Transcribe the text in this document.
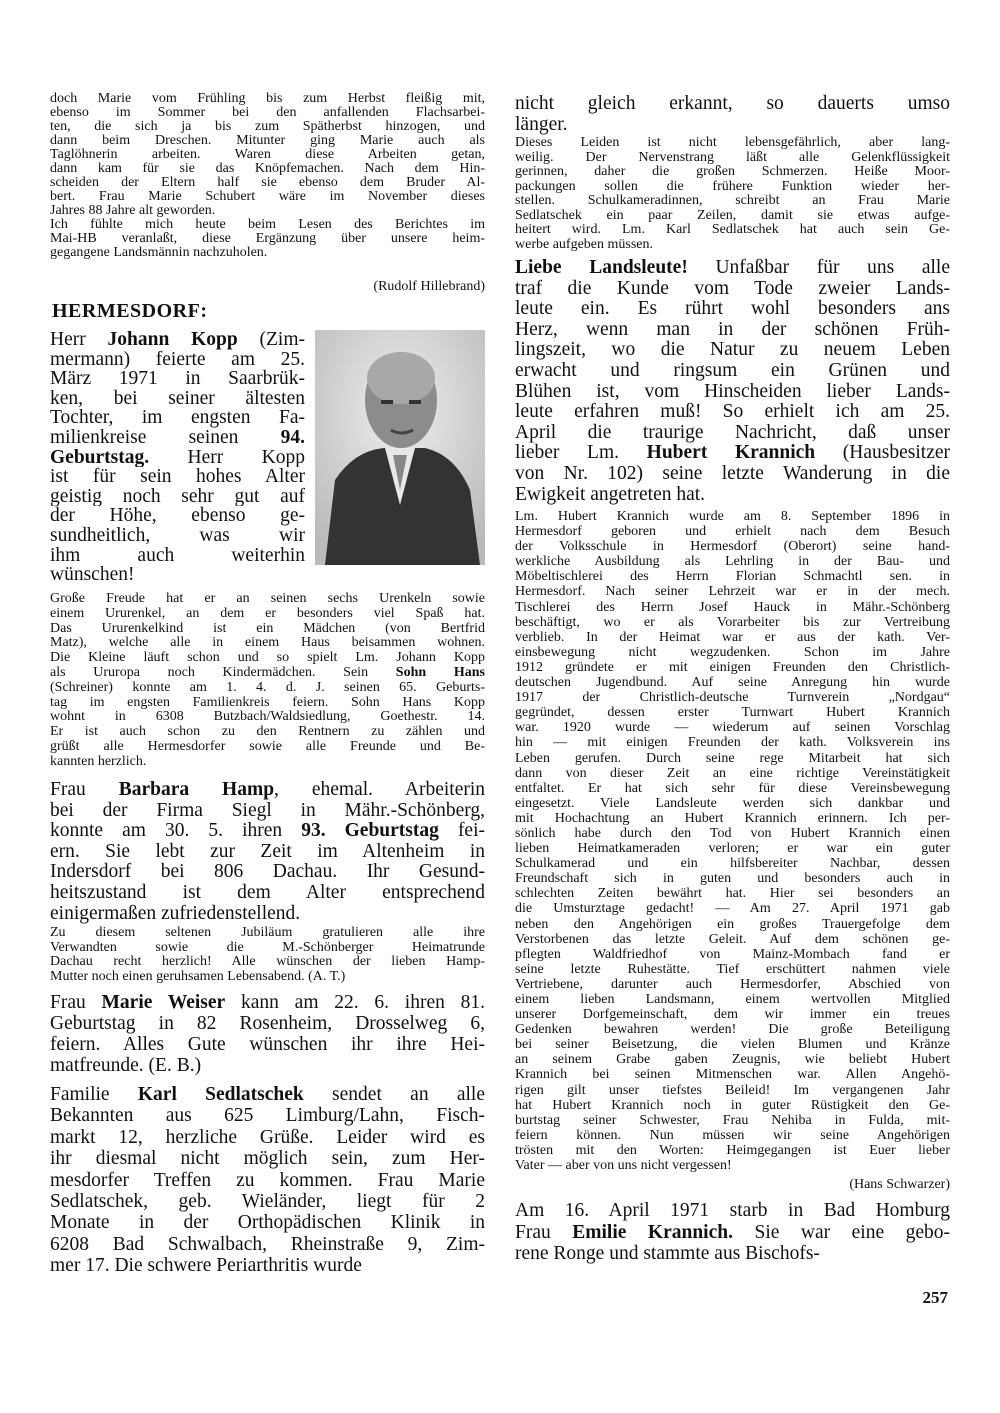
doch Marie vom Frühling bis zum Herbst fleißig mit,
ebenso im Sommer bei den anfallenden Flachsarbei-
ten, die sich ja bis zum Spätherbst hinzogen, und
dann beim Dreschen. Mitunter ging Marie auch als
Taglöhnerin arbeiten. Waren diese Arbeiten getan,
dann kam für sie das Knöpfemachen. Nach dem Hin-
scheiden der Eltern half sie ebenso dem Bruder Al-
bert. Frau Marie Schubert wäre im November dieses
Jahres 88 Jahre alt geworden.
Ich fühlte mich heute beim Lesen des Berichtes im
Mai-HB veranlaßt, diese Ergänzung über unsere heim-
gegangene Landsmännin nachzuholen.
(Rudolf Hillebrand)
HERMESDORF:
Herr Johann Kopp (Zim-
mermann) feierte am 25.
März 1971 in Saarbrük-
ken, bei seiner ältesten
Tochter, im engsten Fa-
milienkreise seinen 94.
Geburtstag. Herr Kopp
ist für sein hohes Alter
geistig noch sehr gut auf
der Höhe, ebenso ge-
sundheitlich, was wir
ihm auch weiterhin
wünschen!
Große Freude hat er an seinen sechs Urenkeln sowie
einem Ururenkel, an dem er besonders viel Spaß hat.
Das Ururenkelkind ist ein Mädchen (von Bertfrid
Matz), welche alle in einem Haus beisammen wohnen.
Die Kleine läuft schon und so spielt Lm. Johann Kopp
als Ururopa noch Kindermädchen. Sein Sohn Hans
(Schreiner) konnte am 1. 4. d. J. seinen 65. Geburts-
tag im engsten Familienkreis feiern. Sohn Hans Kopp
wohnt in 6308 Butzbach/Waldsiedlung, Goethestr. 14.
Er ist auch schon zu den Rentnern zu zählen und
grüßt alle Hermesdorfer sowie alle Freunde und Be-
kannten herzlich.
Frau Barbara Hamp, ehemal. Arbeiterin
bei der Firma Siegl in Mähr.-Schönberg,
konnte am 30. 5. ihren 93. Geburtstag fei-
ern. Sie lebt zur Zeit im Altenheim in
Indersdorf bei 806 Dachau. Ihr Gesund-
heitszustand ist dem Alter entsprechend
einigermaßen zufriedenstellend.
Zu diesem seltenen Jubiläum gratulieren alle ihre
Verwandten sowie die M.-Schönberger Heimatrunde
Dachau recht herzlich! Alle wünschen der lieben Hamp-
Mutter noch einen geruhsamen Lebensabend. (A. T.)
Frau Marie Weiser kann am 22. 6. ihren 81.
Geburtstag in 82 Rosenheim, Drosselweg 6,
feiern. Alles Gute wünschen ihr ihre Hei-
matfreunde. (E. B.)
Familie Karl Sedlatschek sendet an alle
Bekannten aus 625 Limburg/Lahn, Fisch-
markt 12, herzliche Grüße. Leider wird es
ihr diesmal nicht möglich sein, zum Her-
mesdorfer Treffen zu kommen. Frau Marie
Sedlatschek, geb. Wieländer, liegt für 2
Monate in der Orthopädischen Klinik in
6208 Bad Schwalbach, Rheinstraße 9, Zim-
mer 17. Die schwere Periarthritis wurde
nicht gleich erkannt, so dauerts umso
länger.
Dieses Leiden ist nicht lebensgefährlich, aber lang-
weilig. Der Nervenstrang läßt alle Gelenkflüssigkeit
gerinnen, daher die großen Schmerzen. Heiße Moor-
packungen sollen die frühere Funktion wieder her-
stellen. Schulkameradinnen, schreibt an Frau Marie
Sedlatschek ein paar Zeilen, damit sie etwas aufge-
heitert wird. Lm. Karl Sedlatschek hat auch sein Ge-
werbe aufgeben müssen.
Liebe Landsleute! Unfaßbar für uns alle
traf die Kunde vom Tode zweier Lands-
leute ein. Es rührt wohl besonders ans
Herz, wenn man in der schönen Früh-
lingszeit, wo die Natur zu neuem Leben
erwacht und ringsum ein Grünen und
Blühen ist, vom Hinscheiden lieber Lands-
leute erfahren muß! So erhielt ich am 25.
April die traurige Nachricht, daß unser
lieber Lm. Hubert Krannich (Hausbesitzer
von Nr. 102) seine letzte Wanderung in die
Ewigkeit angetreten hat.
Lm. Hubert Krannich wurde am 8. September 1896 in
Hermesdorf geboren und erhielt nach dem Besuch
der Volksschule in Hermesdorf (Oberort) seine hand-
werkliche Ausbildung als Lehrling in der Bau- und
Möbeltischlerei des Herrn Florian Schmachtl sen. in
Hermesdorf. Nach seiner Lehrzeit war er in der mech.
Tischlerei des Herrn Josef Hauck in Mähr.-Schönberg
beschäftigt, wo er als Vorarbeiter bis zur Vertreibung
verblieb. In der Heimat war er aus der kath. Ver-
einsbewegung nicht wegzudenken. Schon im Jahre
1912 gründete er mit einigen Freunden den Christlich-
deutschen Jugendbund. Auf seine Anregung hin wurde
1917 der Christlich-deutsche Turnverein „Nordgau“
gegründet, dessen erster Turnwart Hubert Krannich
war. 1920 wurde — wiederum auf seinen Vorschlag
hin — mit einigen Freunden der kath. Volksverein ins
Leben gerufen. Durch seine rege Mitarbeit hat sich
dann von dieser Zeit an eine richtige Vereinstätigkeit
entfaltet. Er hat sich sehr für diese Vereinsbewegung
eingesetzt. Viele Landsleute werden sich dankbar und
mit Hochachtung an Hubert Krannich erinnern. Ich per-
sönlich habe durch den Tod von Hubert Krannich einen
lieben Heimatkameraden verloren; er war ein guter
Schulkamerad und ein hilfsbereiter Nachbar, dessen
Freundschaft sich in guten und besonders auch in
schlechten Zeiten bewährt hat. Hier sei besonders an
die Umsturztage gedacht! — Am 27. April 1971 gab
neben den Angehörigen ein großes Trauergefolge dem
Verstorbenen das letzte Geleit. Auf dem schönen ge-
pflegten Waldfriedhof von Mainz-Mombach fand er
seine letzte Ruhestätte. Tief erschüttert nahmen viele
Vertriebene, darunter auch Hermesdorfer, Abschied von
einem lieben Landsmann, einem wertvollen Mitglied
unserer Dorfgemeinschaft, dem wir immer ein treues
Gedenken bewahren werden! Die große Beteiligung
bei seiner Beisetzung, die vielen Blumen und Kränze
an seinem Grabe gaben Zeugnis, wie beliebt Hubert
Krannich bei seinen Mitmenschen war. Allen Angehö-
rigen gilt unser tiefstes Beileid! Im vergangenen Jahr
hat Hubert Krannich noch in guter Rüstigkeit den Ge-
burtstag seiner Schwester, Frau Nehiba in Fulda, mit-
feiern können. Nun müssen wir seine Angehörigen
trösten mit den Worten: Heimgegangen ist Euer lieber
Vater — aber von uns nicht vergessen!
(Hans Schwarzer)
Am 16. April 1971 starb in Bad Homburg
Frau Emilie Krannich. Sie war eine gebo-
rene Ronge und stammte aus Bischofs-
257
